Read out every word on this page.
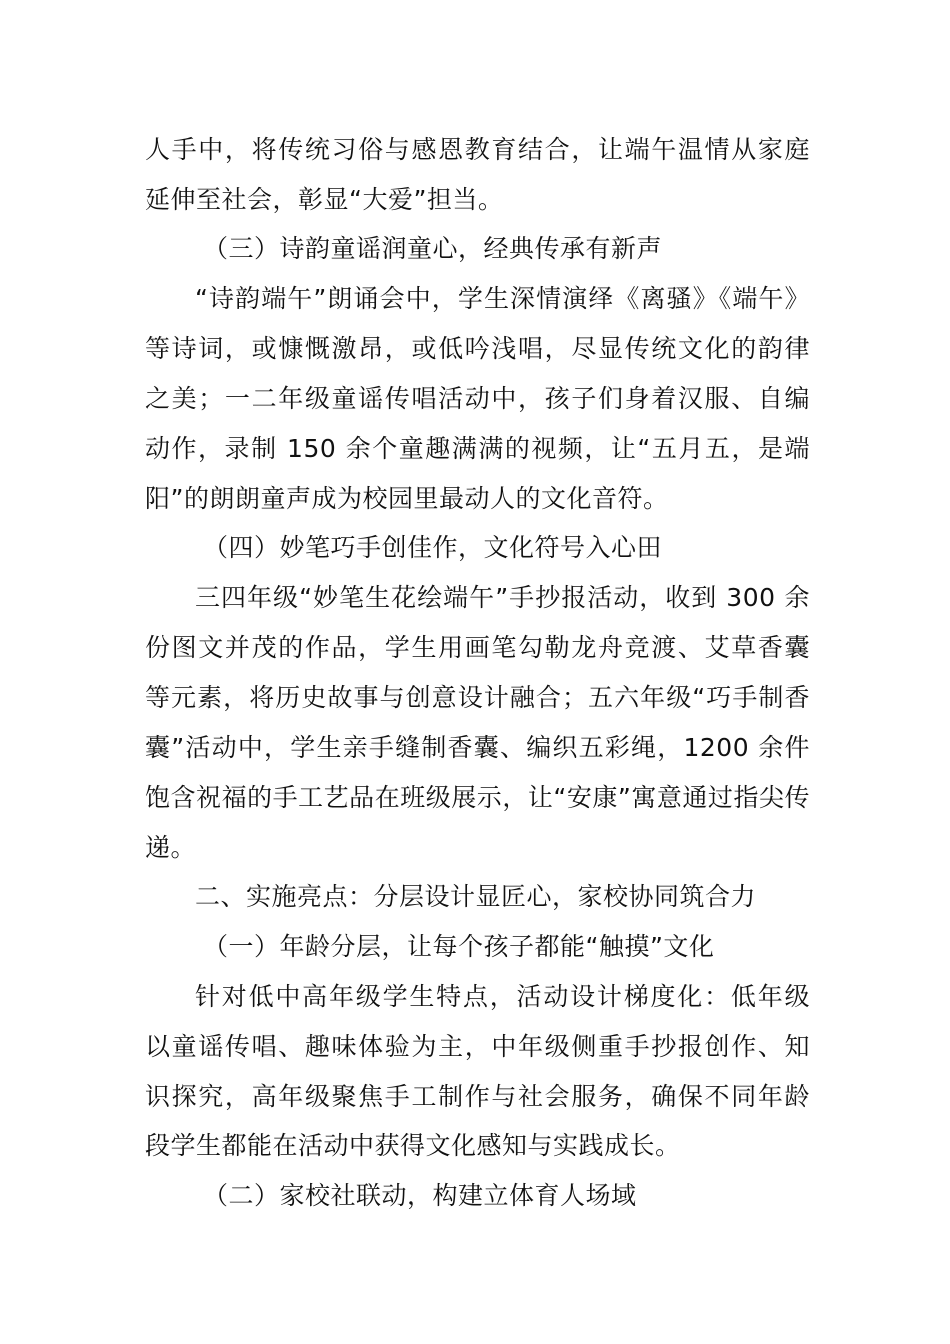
人手中，将传统习俗与感恩教育结合，让端午温情从家庭
延伸至社会，彰显“大爱”担当。
（三）诗韵童谣润童心，经典传承有新声
“诗韵端午”朗诵会中，学生深情演绎《离骚》《端午》
等诗词，或慷慨激昂，或低吟浅唱，尽显传统文化的韵律
之美；一二年级童谣传唱活动中，孩子们身着汉服、自编
动作，录制 150 余个童趣满满的视频，让“五月五，是端
阳”的朗朗童声成为校园里最动人的文化音符。
（四）妙笔巧手创佳作，文化符号入心田
三四年级“妙笔生花绘端午”手抄报活动，收到 300 余
份图文并茂的作品，学生用画笔勾勒龙舟竞渡、艾草香囊
等元素，将历史故事与创意设计融合；五六年级“巧手制香
囊”活动中，学生亲手缝制香囊、编织五彩绳，1200 余件
饱含祝福的手工艺品在班级展示，让“安康”寓意通过指尖传
递。
二、实施亮点：分层设计显匠心，家校协同筑合力
（一）年龄分层，让每个孩子都能“触摸”文化
针对低中高年级学生特点，活动设计梯度化：低年级
以童谣传唱、趣味体验为主，中年级侧重手抄报创作、知
识探究，高年级聚焦手工制作与社会服务，确保不同年龄
段学生都能在活动中获得文化感知与实践成长。
（二）家校社联动，构建立体育人场域
